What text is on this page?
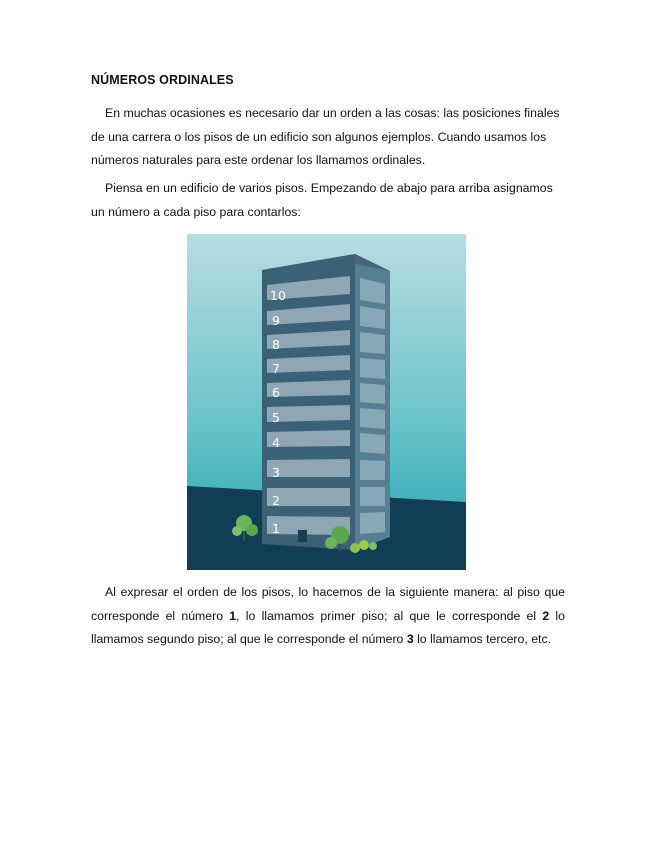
NÚMEROS ORDINALES

En muchas ocasiones es necesario dar un orden a las cosas: las posiciones finales de una carrera o los pisos de un edificio son algunos ejemplos. Cuando usamos los números naturales para este ordenar los llamamos ordinales.

Piensa en un edificio de varios pisos. Empezando de abajo para arriba asignamos un número a cada piso para contarlos:

10
9
8
7
6
5
4
3
2
1

Al expresar el orden de los pisos, lo hacemos de la siguiente manera: al piso que corresponde el número 1, lo llamamos primer piso; al que le corresponde el 2 lo llamamos segundo piso; al que le corresponde el número 3 lo llamamos tercero, etc.
